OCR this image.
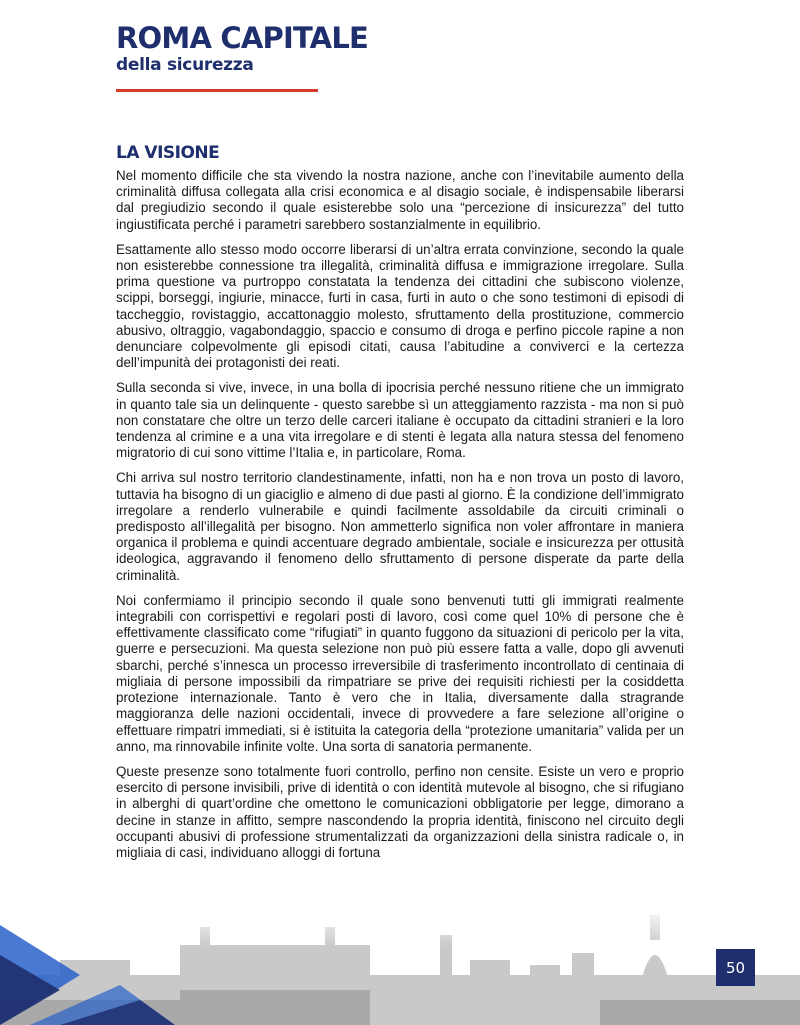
ROMA CAPITALE
della sicurezza
LA VISIONE

Nel momento difficile che sta vivendo la nostra nazione, anche con l’inevitabile aumento della criminalità diffusa collegata alla crisi economica e al disagio sociale, è indispensabile liberarsi dal pregiudizio secondo il quale esisterebbe solo una “percezione di insicurezza” del tutto ingiustificata perché i parametri sarebbero sostanzialmente in equilibrio.

Esattamente allo stesso modo occorre liberarsi di un’altra errata convinzione, secondo la quale non esisterebbe connessione tra illegalità, criminalità diffusa e immigrazione irregolare. Sulla prima questione va purtroppo constatata la tendenza dei cittadini che subiscono violenze, scippi, borseggi, ingiurie, minacce, furti in casa, furti in auto o che sono testimoni di episodi di taccheggio, rovistaggio, accattonaggio molesto, sfruttamento della prostituzione, commercio abusivo, oltraggio, vagabondaggio, spaccio e consumo di droga e perfino piccole rapine a non denunciare colpevolmente gli episodi citati, causa l’abitudine a conviverci e la certezza dell’impunità dei protagonisti dei reati.

Sulla seconda si vive, invece, in una bolla di ipocrisia perché nessuno ritiene che un immigrato in quanto tale sia un delinquente - questo sarebbe sì un atteggiamento razzista - ma non si può non constatare che oltre un terzo delle carceri italiane è occupato da cittadini stranieri e la loro tendenza al crimine e a una vita irregolare e di stenti è legata alla natura stessa del fenomeno migratorio di cui sono vittime l’Italia e, in particolare, Roma.

Chi arriva sul nostro territorio clandestinamente, infatti, non ha e non trova un posto di lavoro, tuttavia ha bisogno di un giaciglio e almeno di due pasti al giorno. È la condizione dell’immigrato irregolare a renderlo vulnerabile e quindi facilmente assoldabile da circuiti criminali o predisposto all’illegalità per bisogno. Non ammetterlo significa non voler affrontare in maniera organica il problema e quindi accentuare degrado ambientale, sociale e insicurezza per ottusità ideologica, aggravando il fenomeno dello sfruttamento di persone disperate da parte della criminalità.

Noi confermiamo il principio secondo il quale sono benvenuti tutti gli immigrati realmente integrabili con corrispettivi e regolari posti di lavoro, così come quel 10% di persone che è effettivamente classificato come “rifugiati” in quanto fuggono da situazioni di pericolo per la vita, guerre e persecuzioni. Ma questa selezione non può più essere fatta a valle, dopo gli avvenuti sbarchi, perché s’innesca un processo irreversibile di trasferimento incontrollato di centinaia di migliaia di persone impossibili da rimpatriare se prive dei requisiti richiesti per la cosiddetta protezione internazionale. Tanto è vero che in Italia, diversamente dalla stragrande maggioranza delle nazioni occidentali, invece di provvedere a fare selezione all’origine o effettuare rimpatri immediati, si è istituita la categoria della “protezione umanitaria” valida per un anno, ma rinnovabile infinite volte. Una sorta di sanatoria permanente.

Queste presenze sono totalmente fuori controllo, perfino non censite. Esiste un vero e proprio esercito di persone invisibili, prive di identità o con identità mutevole al bisogno, che si rifugiano in alberghi di quart’ordine che omettono le comunicazioni obbligatorie per legge, dimorano a decine in stanze in affitto, sempre nascondendo la propria identità, finiscono nel circuito degli occupanti abusivi di professione strumentalizzati da organizzazioni della sinistra radicale o, in migliaia di casi, individuano alloggi di fortuna

50
